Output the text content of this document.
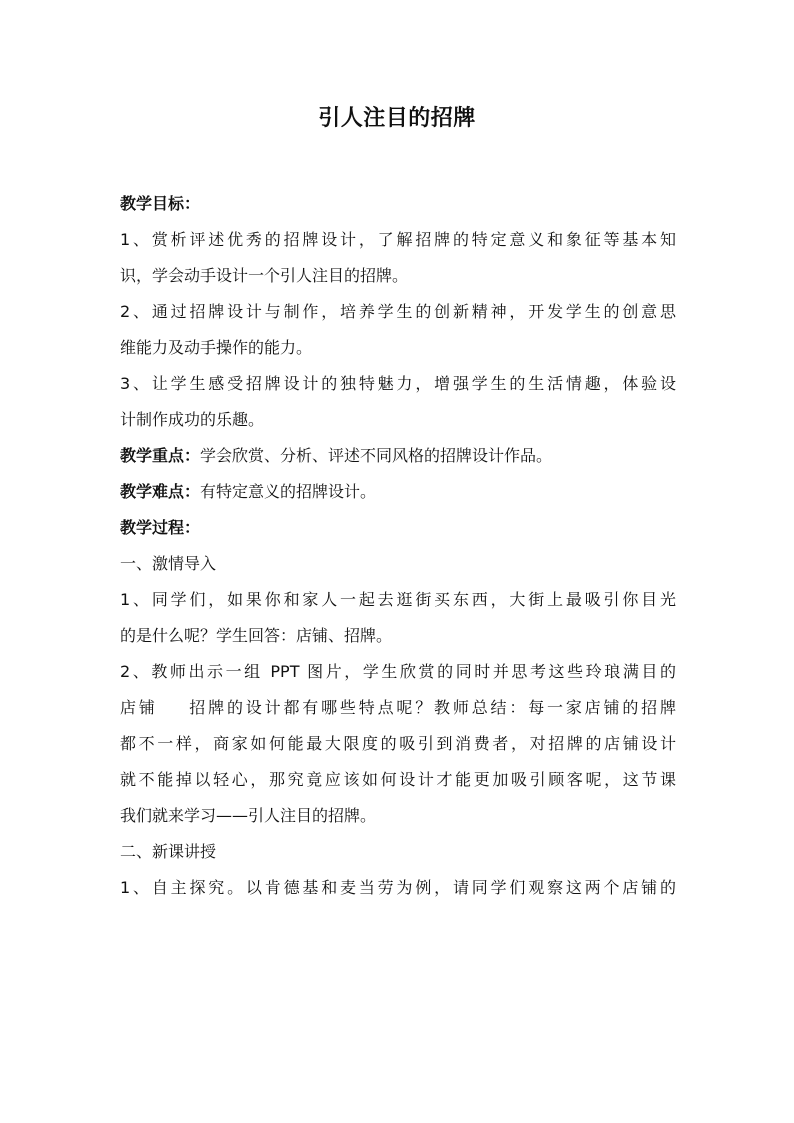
引人注目的招牌
教学目标：
1、赏析评述优秀的招牌设计，了解招牌的特定意义和象征等基本知
识，学会动手设计一个引人注目的招牌。
2、通过招牌设计与制作，培养学生的创新精神，开发学生的创意思
维能力及动手操作的能力。
3、让学生感受招牌设计的独特魅力，增强学生的生活情趣，体验设
计制作成功的乐趣。
教学重点：学会欣赏、分析、评述不同风格的招牌设计作品。
教学难点：有特定意义的招牌设计。
教学过程：
一、激情导入
1、同学们，如果你和家人一起去逛街买东西，大街上最吸引你目光
的是什么呢？学生回答：店铺、招牌。
2、教师出示一组 PPT 图片，学生欣赏的同时并思考这些玲琅满目的
店铺    招牌的设计都有哪些特点呢？教师总结：每一家店铺的招牌
都不一样，商家如何能最大限度的吸引到消费者，对招牌的店铺设计
就不能掉以轻心，那究竟应该如何设计才能更加吸引顾客呢，这节课
我们就来学习——引人注目的招牌。
二、新课讲授
1、自主探究。以肯德基和麦当劳为例，请同学们观察这两个店铺的
